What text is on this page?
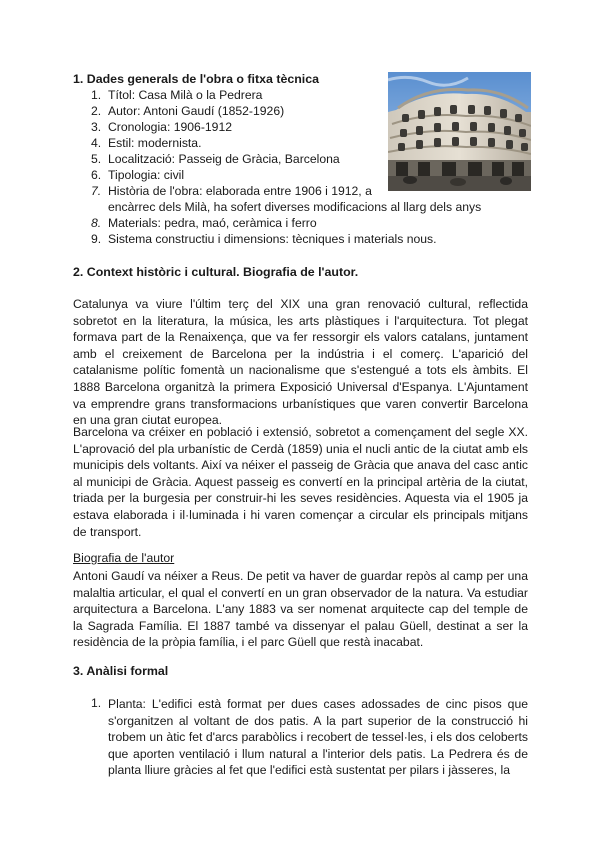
1. Dades generals de l'obra o fitxa tècnica
1. Títol: Casa Milà o la Pedrera
2. Autor: Antoni Gaudí (1852-1926)
3. Cronologia: 1906-1912
4. Estil: modernista.
5. Localització: Passeig de Gràcia, Barcelona
6. Tipologia: civil
7. Història de l'obra: elaborada entre 1906 i 1912, a
encàrrec dels Milà, ha sofert diverses modificacions al llarg dels anys
8. Materials: pedra, maó, ceràmica i ferro
9. Sistema constructiu i dimensions: tècniques i materials nous.
2. Context històric i cultural. Biografia de l'autor.
Catalunya va viure l'últim terç del XIX una gran renovació cultural, reflectida sobretot en la literatura, la música, les arts plàstiques i l'arquitectura. Tot plegat formava part de la Renaixença, que va fer ressorgir els valors catalans, juntament amb el creixement de Barcelona per la indústria i el comerç. L'aparició del catalanisme polític fomentà un nacionalisme que s'estengué a tots els àmbits. El 1888 Barcelona organitzà la primera Exposició Universal d'Espanya. L'Ajuntament va emprendre grans transformacions urbanístiques que varen convertir Barcelona en una gran ciutat europea.
Barcelona va créixer en població i extensió, sobretot a començament del segle XX. L'aprovació del pla urbanístic de Cerdà (1859) unia el nucli antic de la ciutat amb els municipis dels voltants. Així va néixer el passeig de Gràcia que anava del casc antic al municipi de Gràcia. Aquest passeig es convertí en la principal artèria de la ciutat, triada per la burgesia per construir-hi les seves residències. Aquesta via el 1905 ja estava elaborada i il·luminada i hi varen començar a circular els principals mitjans de transport.
Biografia de l'autor
Antoni Gaudí va néixer a Reus. De petit va haver de guardar repòs al camp per una malaltia articular, el qual el convertí en un gran observador de la natura. Va estudiar arquitectura a Barcelona. L'any 1883 va ser nomenat arquitecte cap del temple de la Sagrada Família. El 1887 també va dissenyar el palau Güell, destinat a ser la residència de la pròpia família, i el parc Güell que restà inacabat.
3. Anàlisi formal
1. Planta: L'edifici està format per dues cases adossades de cinc pisos que s'organitzen al voltant de dos patis. A la part superior de la construcció hi trobem un àtic fet d'arcs parabòlics i recobert de tessel·les, i els dos celoberts que aporten ventilació i llum natural a l'interior dels patis. La Pedrera és de planta lliure gràcies al fet que l'edifici està sustentat per pilars i jàsseres, la
